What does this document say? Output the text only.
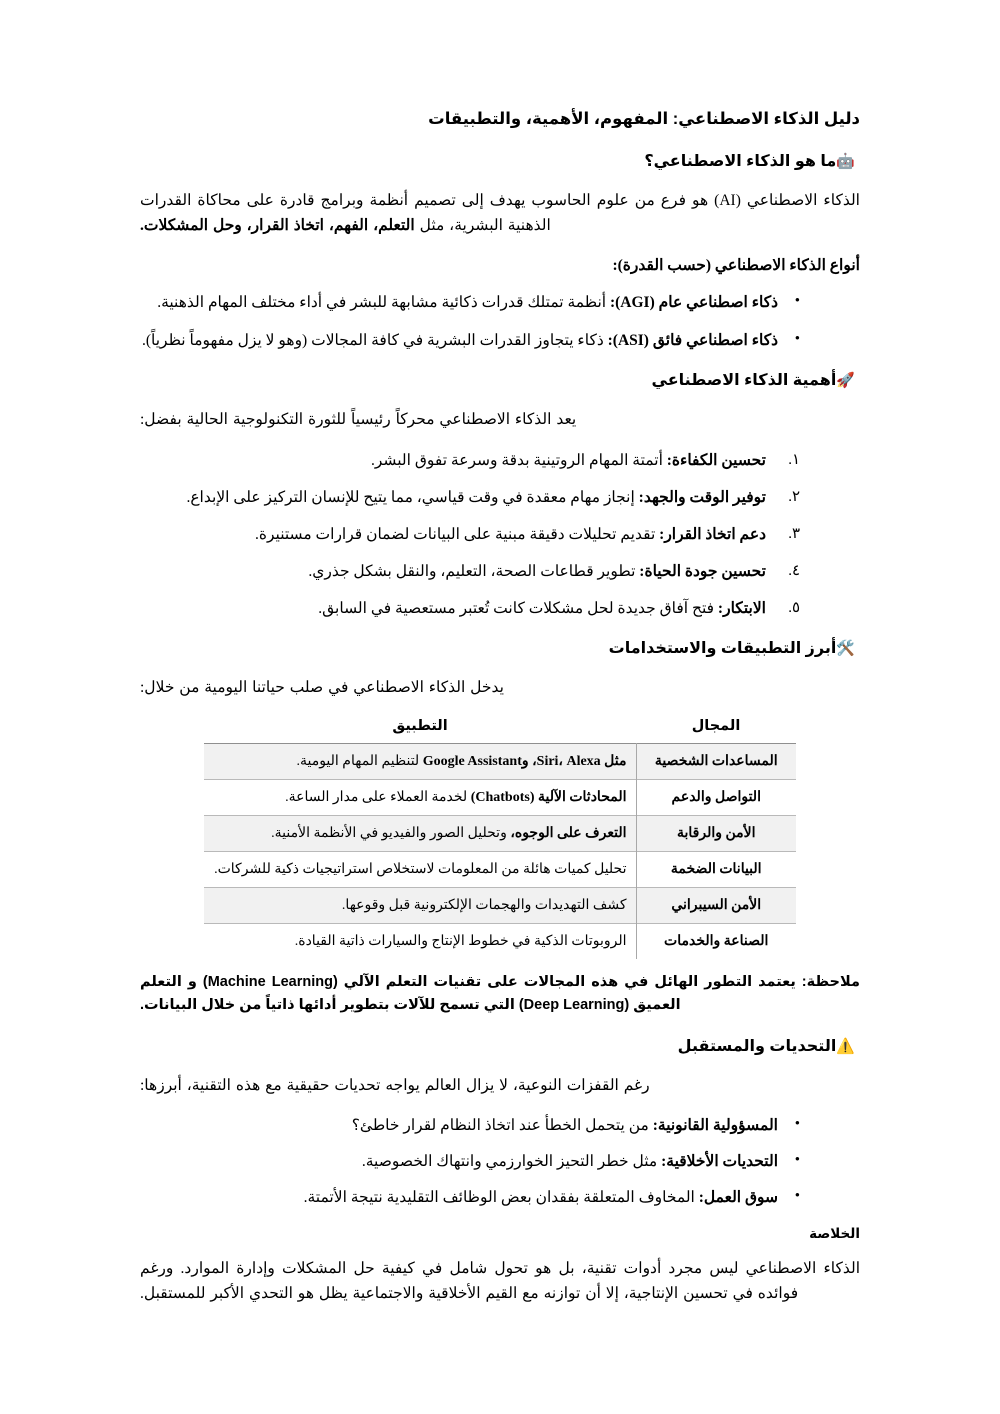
دليل الذكاء الاصطناعي: المفهوم، الأهمية، والتطبيقات
🤖ما هو الذكاء الاصطناعي؟

الذكاء الاصطناعي (AI) هو فرع من علوم الحاسوب يهدف إلى تصميم أنظمة وبرامج قادرة على محاكاة القدرات الذهنية البشرية، مثل التعلم، الفهم، اتخاذ القرار، وحل المشكلات.

أنواع الذكاء الاصطناعي (حسب القدرة):
• ذكاء اصطناعي عام (AGI): أنظمة تمتلك قدرات ذكائية مشابهة للبشر في أداء مختلف المهام الذهنية.
• ذكاء اصطناعي فائق (ASI): ذكاء يتجاوز القدرات البشرية في كافة المجالات (وهو لا يزل مفهوماً نظرياً).
🚀أهمية الذكاء الاصطناعي

يعد الذكاء الاصطناعي محركاً رئيسياً للثورة التكنولوجية الحالية بفضل:

١.
تحسين الكفاءة: أتمتة المهام الروتينية بدقة وسرعة تفوق البشر.
٢.
توفير الوقت والجهد: إنجاز مهام معقدة في وقت قياسي، مما يتيح للإنسان التركيز على الإبداع.
٣.
دعم اتخاذ القرار: تقديم تحليلات دقيقة مبنية على البيانات لضمان قرارات مستنيرة.
٤.
تحسين جودة الحياة: تطوير قطاعات الصحة، التعليم، والنقل بشكل جذري.
٥.
الابتكار: فتح آفاق جديدة لحل مشكلات كانت تُعتبر مستعصية في السابق.
🛠️أبرز التطبيقات والاستخدامات

يدخل الذكاء الاصطناعي في صلب حياتنا اليومية من خلال:

المجال	التطبيق
المساعدات الشخصية	مثل Siri، Alexa، وGoogle Assistant لتنظيم المهام اليومية.
التواصل والدعم	المحادثات الآلية (Chatbots) لخدمة العملاء على مدار الساعة.
الأمن والرقابة	التعرف على الوجوه، وتحليل الصور والفيديو في الأنظمة الأمنية.
البيانات الضخمة	تحليل كميات هائلة من المعلومات لاستخلاص استراتيجيات ذكية للشركات.
الأمن السيبراني	كشف التهديدات والهجمات الإلكترونية قبل وقوعها.
الصناعة والخدمات	الروبوتات الذكية في خطوط الإنتاج والسيارات ذاتية القيادة.

ملاحظة: يعتمد التطور الهائل في هذه المجالات على تقنيات التعلم الآلي (Machine Learning) و التعلم العميق (Deep Learning) التي تسمح للآلات بتطوير أدائها ذاتياً من خلال البيانات.

⚠️التحديات والمستقبل

رغم القفزات النوعية، لا يزال العالم يواجه تحديات حقيقية مع هذه التقنية، أبرزها:

• المسؤولية القانونية: من يتحمل الخطأ عند اتخاذ النظام لقرار خاطئ؟
• التحديات الأخلاقية: مثل خطر التحيز الخوارزمي وانتهاك الخصوصية.
• سوق العمل: المخاوف المتعلقة بفقدان بعض الوظائف التقليدية نتيجة الأتمتة.
الخلاصة

الذكاء الاصطناعي ليس مجرد أدوات تقنية، بل هو تحول شامل في كيفية حل المشكلات وإدارة الموارد. ورغم فوائده في تحسين الإنتاجية، إلا أن توازنه مع القيم الأخلاقية والاجتماعية يظل هو التحدي الأكبر للمستقبل.
